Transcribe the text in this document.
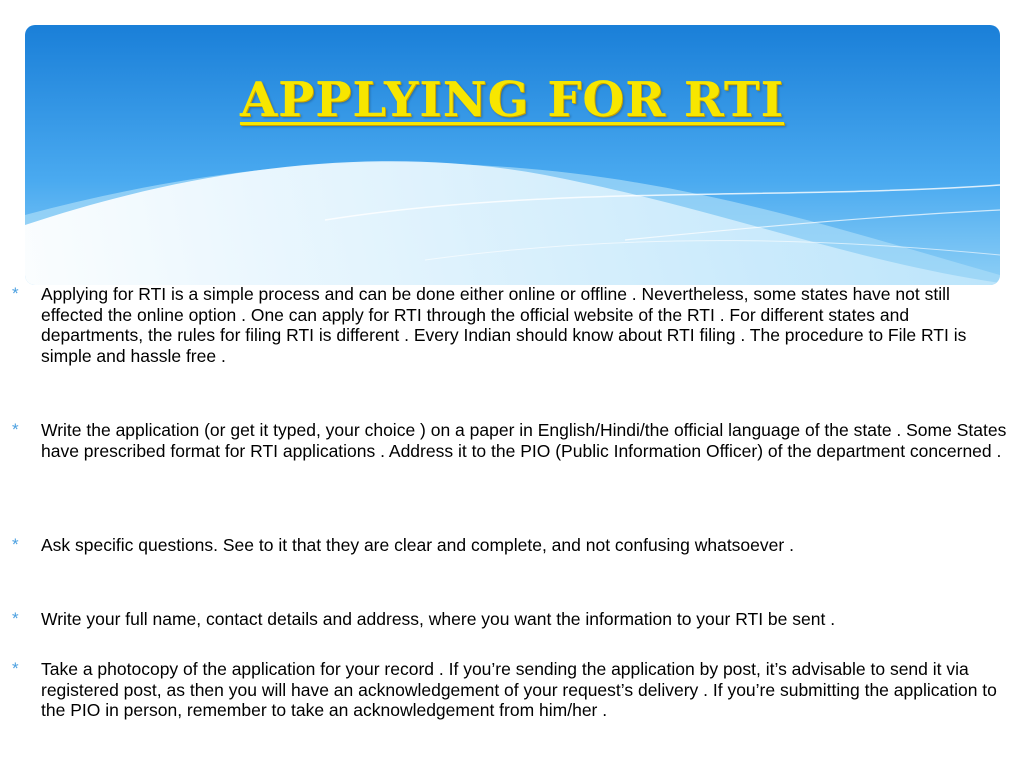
APPLYING FOR RTI
* Applying for RTI is a simple process and can be done either online or offline . Nevertheless, some states have not still effected the online option . One can apply for RTI through the official website of the RTI . For different states and departments, the rules for filing RTI is different . Every Indian should know about RTI filing . The procedure to File RTI is simple and hassle free .
* Write the application (or get it typed, your choice ) on a paper in English/Hindi/the official language of the state . Some States have prescribed format for RTI applications . Address it to the PIO (Public Information Officer) of the department concerned .
* Ask specific questions. See to it that they are clear and complete, and not confusing whatsoever .
* Write your full name, contact details and address, where you want the information to your RTI be sent .
* Take a photocopy of the application for your record . If you’re sending the application by post, it’s advisable to send it via registered post, as then you will have an acknowledgement of your request’s delivery . If you’re submitting the application to the PIO in person, remember to take an acknowledgement from him/her .
